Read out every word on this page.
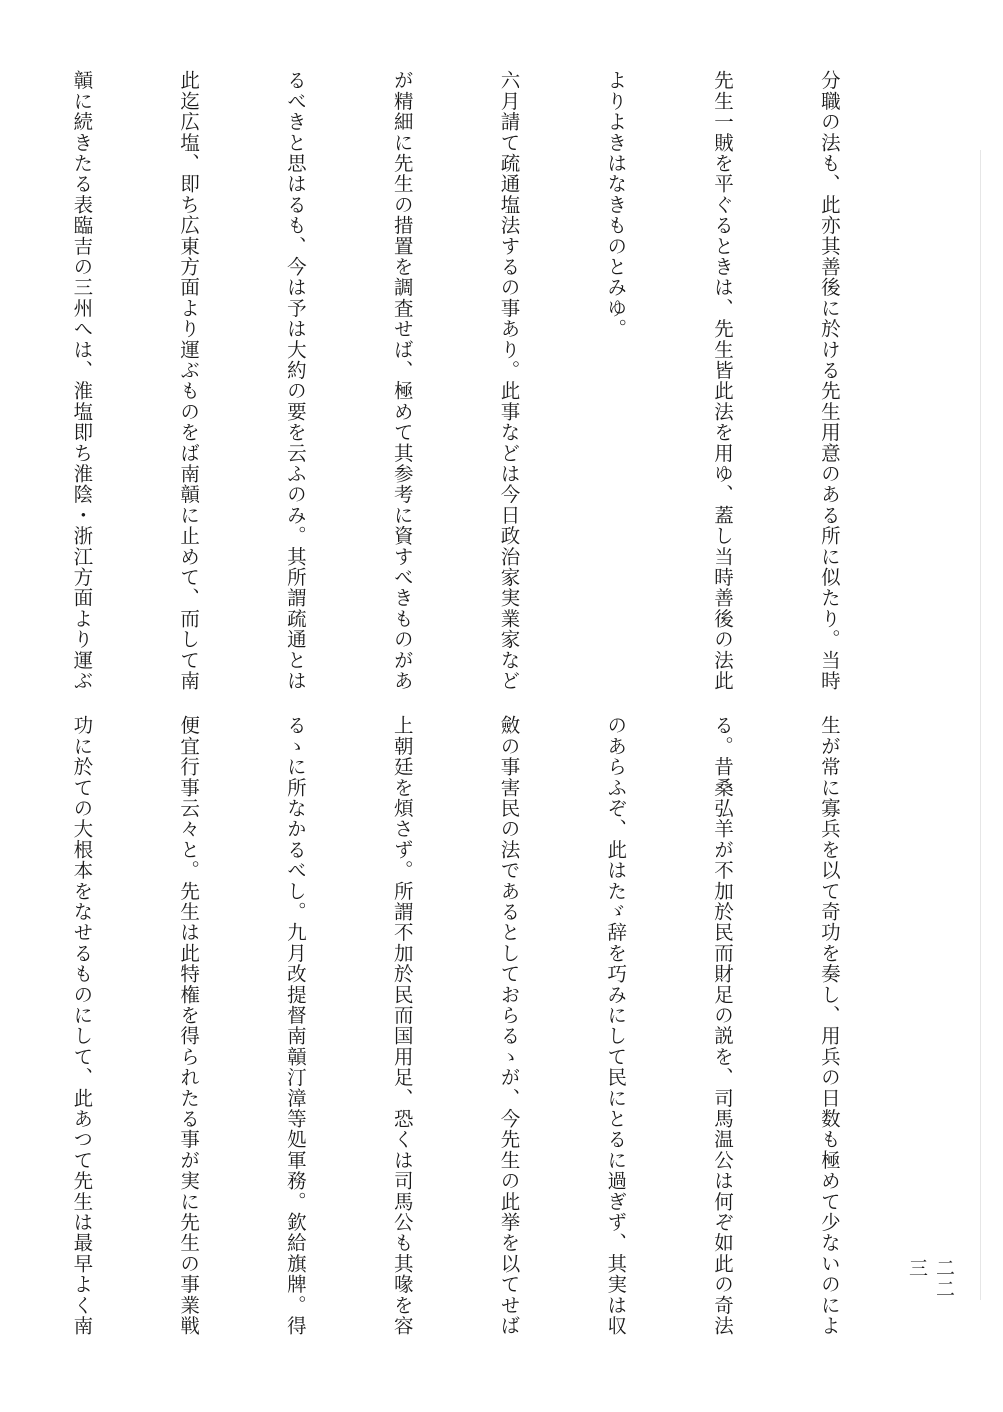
分職の法も、此亦其善後に於ける先生用意のある所に似たり。当時

先生一賊を平ぐるときは、先生皆此法を用ゆ、蓋し当時善後の法此

よりよきはなきものとみゆ。

六月請て疏通塩法するの事あり。此事などは今日政治家実業家など

が精細に先生の措置を調査せば、極めて其参考に資すべきものがあ

るべきと思はるも、今は予は大約の要を云ふのみ。其所謂疏通とは

此迄広塩、即ち広東方面より運ぶものをば南贑に止めて、而して南

贑に続きたる表臨吉の三州へは、淮塩即ち淮陰・浙江方面より運ぶ

生が常に寡兵を以て奇功を奏し、用兵の日数も極めて少ないのによ

る。昔桑弘羊が不加於民而財足の説を、司馬温公は何ぞ如此の奇法

のあらふぞ、此はたゞ辞を巧みにして民にとるに過ぎず、其実は収

斂の事害民の法であるとしておらるゝが、今先生の此挙を以てせば

上朝廷を煩さず。所謂不加於民而国用足、恐くは司馬公も其喙を容

るゝに所なかるべし。九月改提督南贑汀漳等処軍務。欽給旗牌。得

便宜行事云々と。先生は此特権を得られたる事が実に先生の事業戦

功に於ての大根本をなせるものにして、此あつて先生は最早よく南

	二二三
